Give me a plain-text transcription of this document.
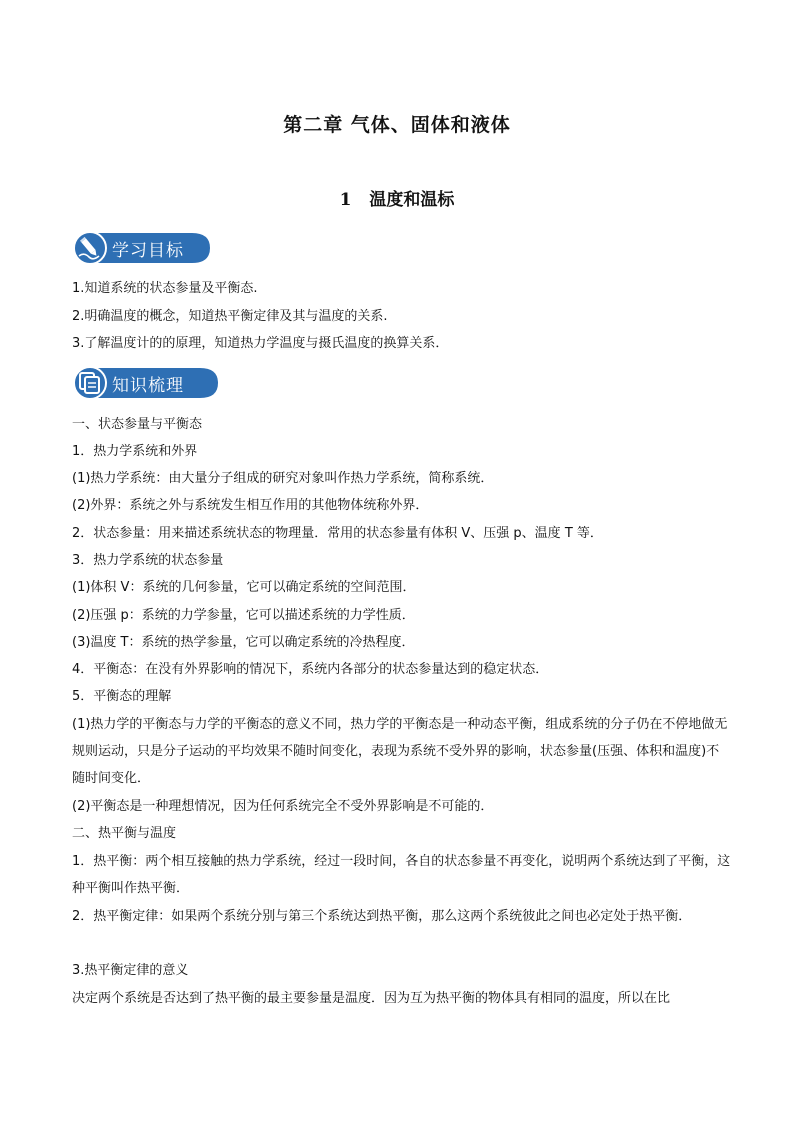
第二章 气体、固体和液体
1 温度和温标
学习目标
1.知道系统的状态参量及平衡态.
2.明确温度的概念，知道热平衡定律及其与温度的关系.
3.了解温度计的的原理，知道热力学温度与摄氏温度的换算关系．
知识梳理
一、状态参量与平衡态
1．热力学系统和外界
(1)热力学系统：由大量分子组成的研究对象叫作热力学系统，简称系统．
(2)外界：系统之外与系统发生相互作用的其他物体统称外界．
2．状态参量：用来描述系统状态的物理量．常用的状态参量有体积 V、压强 p、温度 T 等．
3．热力学系统的状态参量
(1)体积 V：系统的几何参量，它可以确定系统的空间范围．
(2)压强 p：系统的力学参量，它可以描述系统的力学性质．
(3)温度 T：系统的热学参量，它可以确定系统的冷热程度．
4．平衡态：在没有外界影响的情况下，系统内各部分的状态参量达到的稳定状态．
5．平衡态的理解
(1)热力学的平衡态与力学的平衡态的意义不同，热力学的平衡态是一种动态平衡，组成系统的分子仍在不停地做无规则运动，只是分子运动的平均效果不随时间变化，表现为系统不受外界的影响，状态参量(压强、体积和温度)不随时间变化．
(2)平衡态是一种理想情况，因为任何系统完全不受外界影响是不可能的．
二、热平衡与温度
1．热平衡：两个相互接触的热力学系统，经过一段时间，各自的状态参量不再变化，说明两个系统达到了平衡，这种平衡叫作热平衡．
2．热平衡定律：如果两个系统分别与第三个系统达到热平衡，那么这两个系统彼此之间也必定处于热平衡．
3.热平衡定律的意义
决定两个系统是否达到了热平衡的最主要参量是温度．因为互为热平衡的物体具有相同的温度，所以在比
